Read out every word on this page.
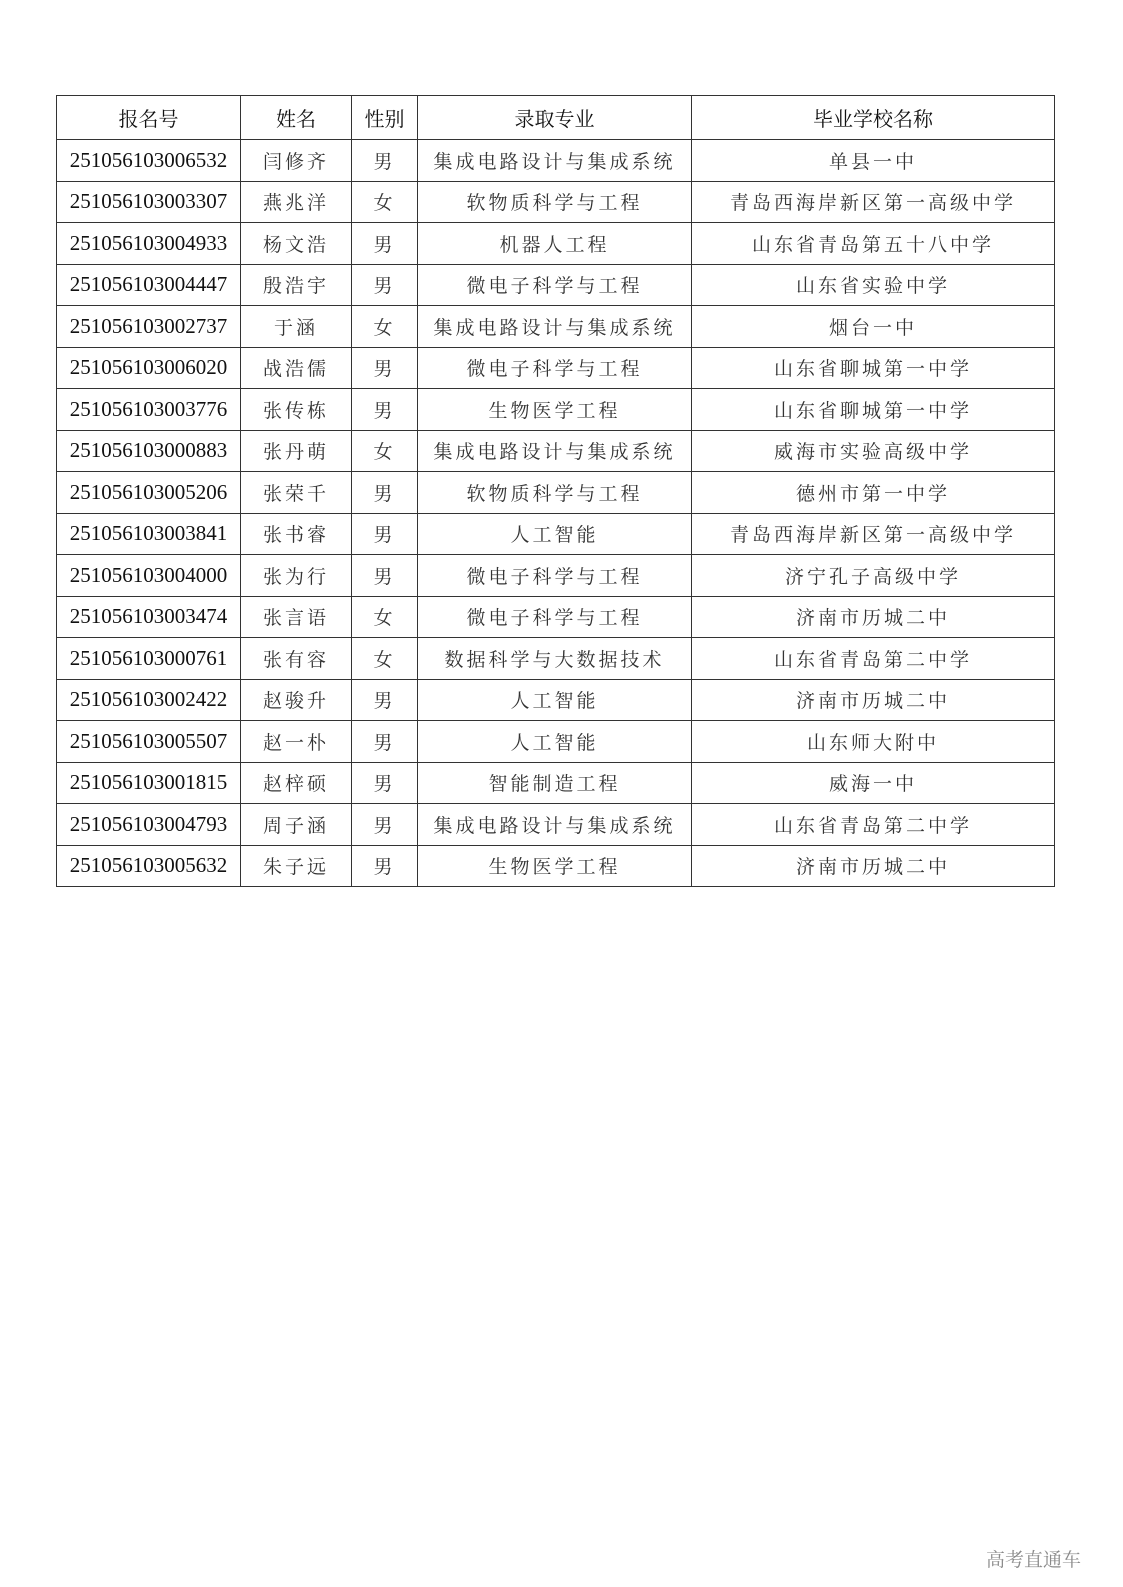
报名号	姓名	性别	录取专业	毕业学校名称
251056103006532	闫修齐	男	集成电路设计与集成系统	单县一中
251056103003307	燕兆洋	女	软物质科学与工程	青岛西海岸新区第一高级中学
251056103004933	杨文浩	男	机器人工程	山东省青岛第五十八中学
251056103004447	殷浩宇	男	微电子科学与工程	山东省实验中学
251056103002737	于涵	女	集成电路设计与集成系统	烟台一中
251056103006020	战浩儒	男	微电子科学与工程	山东省聊城第一中学
251056103003776	张传栋	男	生物医学工程	山东省聊城第一中学
251056103000883	张丹萌	女	集成电路设计与集成系统	威海市实验高级中学
251056103005206	张荣千	男	软物质科学与工程	德州市第一中学
251056103003841	张书睿	男	人工智能	青岛西海岸新区第一高级中学
251056103004000	张为行	男	微电子科学与工程	济宁孔子高级中学
251056103003474	张言语	女	微电子科学与工程	济南市历城二中
251056103000761	张有容	女	数据科学与大数据技术	山东省青岛第二中学
251056103002422	赵骏升	男	人工智能	济南市历城二中
251056103005507	赵一朴	男	人工智能	山东师大附中
251056103001815	赵梓硕	男	智能制造工程	威海一中
251056103004793	周子涵	男	集成电路设计与集成系统	山东省青岛第二中学
251056103005632	朱子远	男	生物医学工程	济南市历城二中
高考直通车
